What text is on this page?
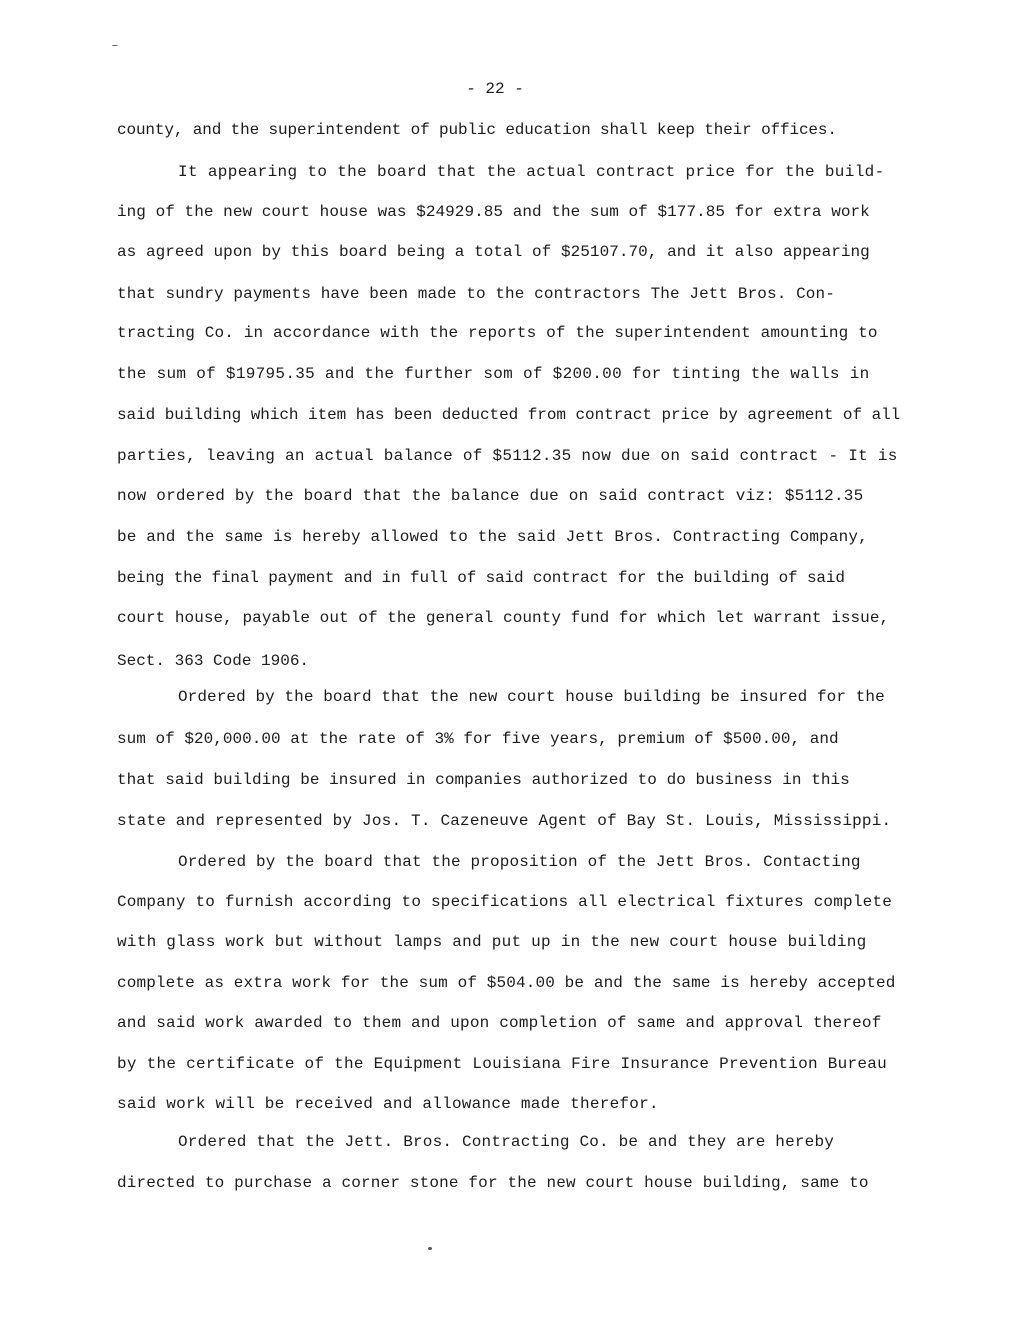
- 22 -

county, and the superintendent of public education shall keep their offices.

It appearing to the board that the actual contract price for the build-

ing of the new court house was $24929.85 and the sum of $177.85 for extra work

as agreed upon by this board being a total of $25107.70, and it also appearing

that sundry payments have been made to the contractors The Jett Bros. Con-

tracting Co. in accordance with the reports of the superintendent amounting to

the sum of $19795.35 and the further som of $200.00 for tinting the walls in

said building which item has been deducted from contract price by agreement of all

parties, leaving an actual balance of $5112.35 now due on said contract - It is

now ordered by the board that the balance due on said contract viz: $5112.35

be and the same is hereby allowed to the said Jett Bros. Contracting Company,

being the final payment and in full of said contract for the building of said

court house, payable out of the general county fund for which let warrant issue,

Sect. 363 Code 1906.

Ordered by the board that the new court house building be insured for the

sum of $20,000.00 at the rate of 3% for five years, premium of $500.00, and

that said building be insured in companies authorized to do business in this

state and represented by Jos. T. Cazeneuve Agent of Bay St. Louis, Mississippi.

Ordered by the board that the proposition of the Jett Bros. Contacting

Company to furnish according to specifications all electrical fixtures complete

with glass work but without lamps and put up in the new court house building

complete as extra work for the sum of $504.00 be and the same is hereby accepted

and said work awarded to them and upon completion of same and approval thereof

by the certificate of the Equipment Louisiana Fire Insurance Prevention Bureau

said work will be received and allowance made therefor.

Ordered that the Jett. Bros. Contracting Co. be and they are hereby

directed to purchase a corner stone for the new court house building, same to
